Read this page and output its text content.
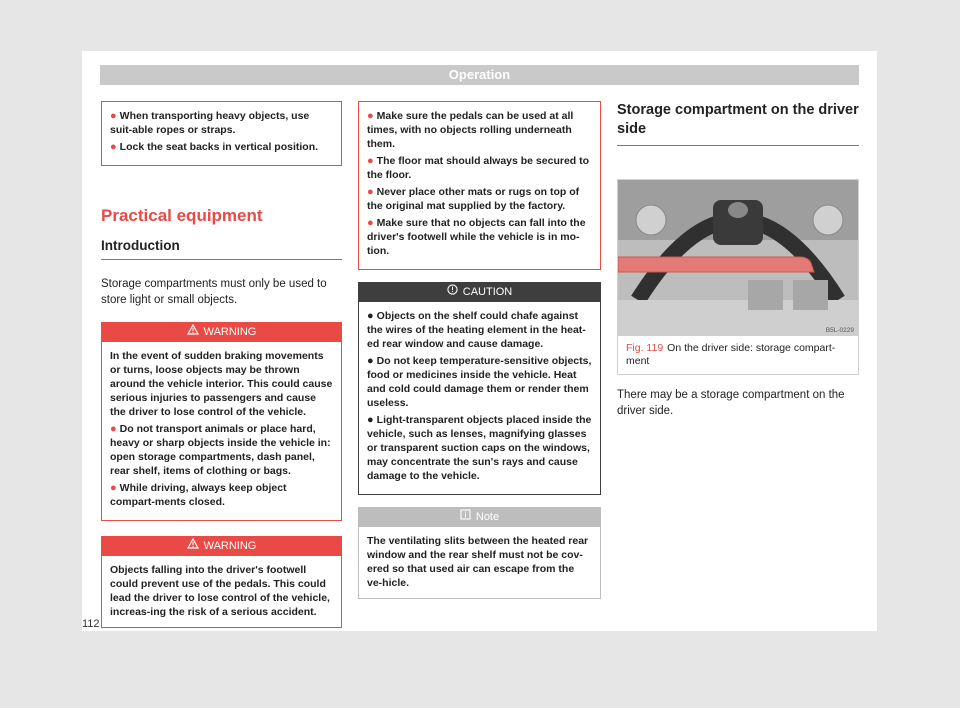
Operation
● When transporting heavy objects, use suit-able ropes or straps.
● Lock the seat backs in vertical position.
Practical equipment
Introduction

Storage compartments must only be used to store light or small objects.

WARNING
In the event of sudden braking movements or turns, loose objects may be thrown around the vehicle interior. This could cause serious injuries to passengers and cause the driver to lose control of the vehicle.
● Do not transport animals or place hard, heavy or sharp objects inside the vehicle in: open storage compartments, dash panel, rear shelf, items of clothing or bags.
● While driving, always keep object compart-ments closed.
WARNING
Objects falling into the driver's footwell could prevent use of the pedals. This could lead the driver to lose control of the vehicle, increas-ing the risk of a serious accident.
● Make sure the pedals can be used at all times, with no objects rolling underneath them.
● The floor mat should always be secured to the floor.
● Never place other mats or rugs on top of the original mat supplied by the factory.
● Make sure that no objects can fall into the driver's footwell while the vehicle is in mo-tion.
CAUTION
● Objects on the shelf could chafe against the wires of the heating element in the heat-ed rear window and cause damage.
● Do not keep temperature-sensitive objects, food or medicines inside the vehicle. Heat and cold could damage them or render them useless.
● Light-transparent objects placed inside the vehicle, such as lenses, magnifying glasses or transparent suction caps on the windows, may concentrate the sun's rays and cause damage to the vehicle.
Note
The ventilating slits between the heated rear window and the rear shelf must not be cov-ered so that used air can escape from the ve-hicle.
Storage compartment on the driver side
B5L-0229
Fig. 119 On the driver side: storage compart-ment

There may be a storage compartment on the driver side.

112
